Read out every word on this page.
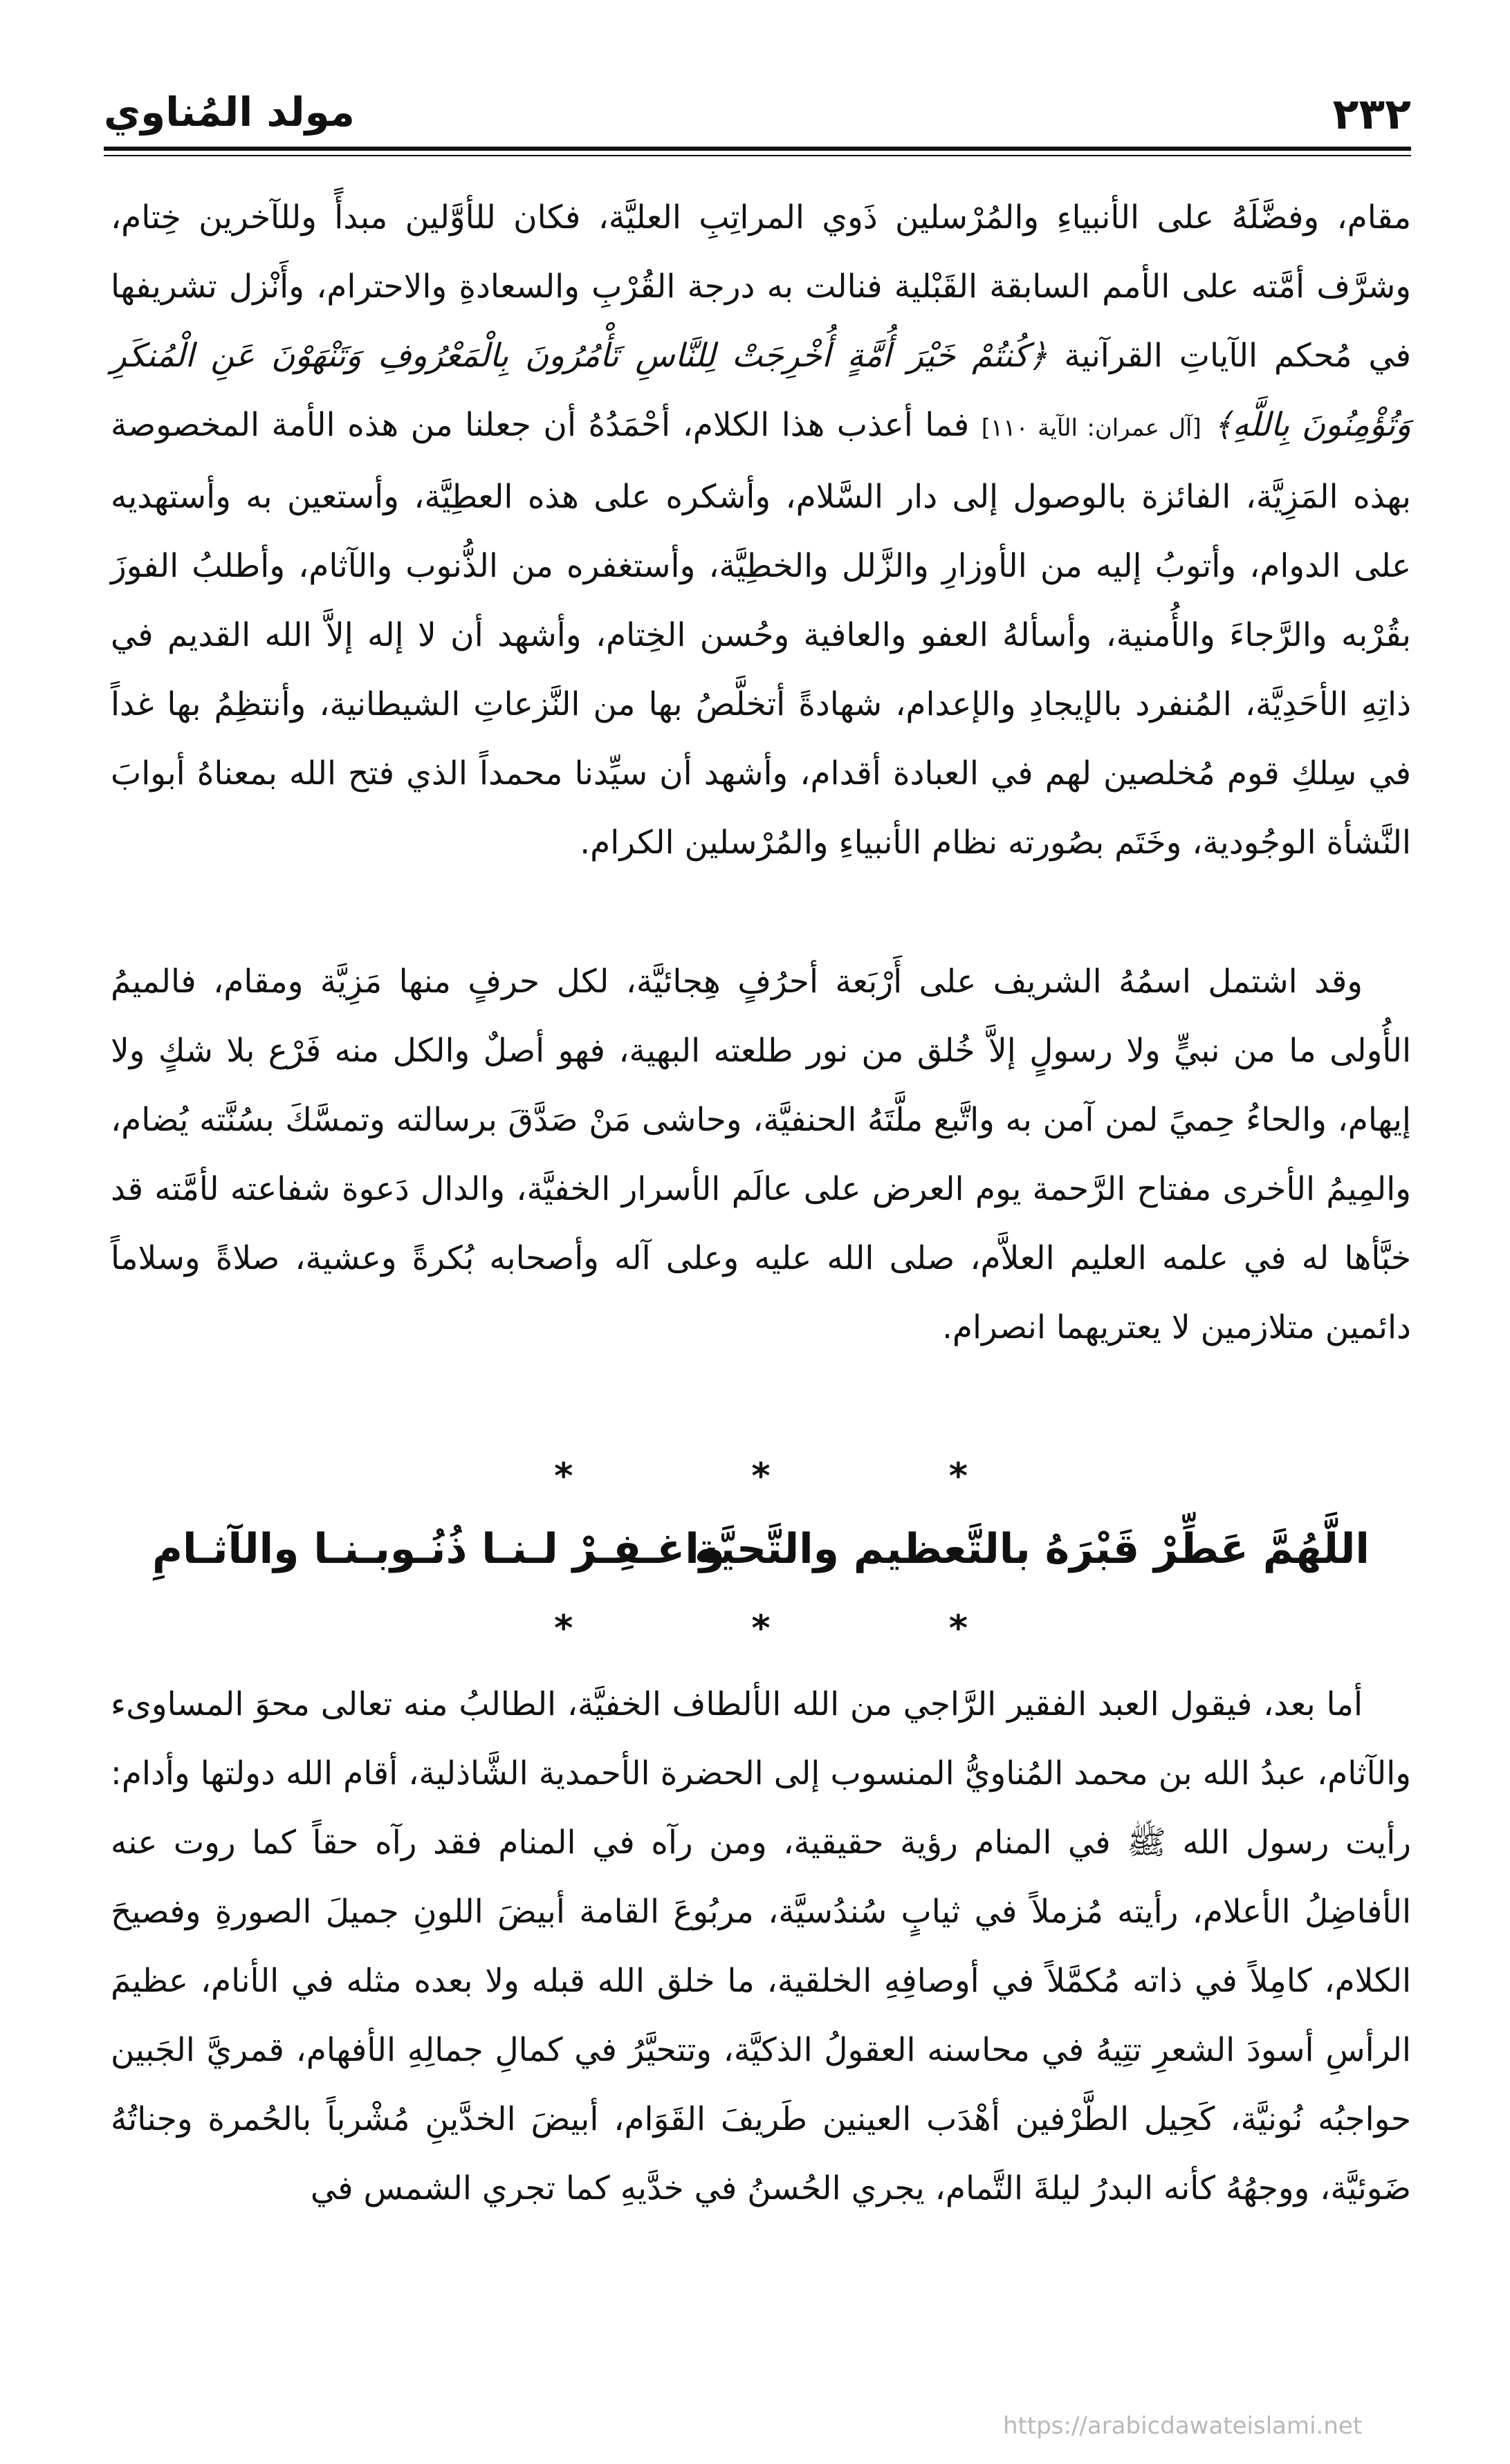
٢٣٢
مولد المُناوي

مقام، وفضَّلَهُ على الأنبياءِ والمُرْسلين ذَوي المراتِبِ العليَّة، فكان للأوَّلين مبدأً وللآخرين خِتام، وشرَّف أمَّته على الأمم السابقة القَبْلية فنالت به درجة القُرْبِ والسعادةِ والاحترام، وأَنْزل تشريفها في مُحكم الآياتِ القرآنية ﴿كُنتُمْ خَيْرَ أُمَّةٍ أُخْرِجَتْ لِلنَّاسِ تَأْمُرُونَ بِالْمَعْرُوفِ وَتَنْهَوْنَ عَنِ الْمُنكَرِ وَتُؤْمِنُونَ بِاللَّهِ﴾ [آل عمران: الآية ١١٠] فما أعذب هذا الكلام، أحْمَدُهُ أن جعلنا من هذه الأمة المخصوصة بهذه المَزِيَّة، الفائزة بالوصول إلى دار السَّلام، وأشكره على هذه العطِيَّة، وأستعين به وأستهديه على الدوام، وأتوبُ إليه من الأوزارِ والزَّلل والخطِيَّة، وأستغفره من الذُّنوب والآثام، وأطلبُ الفوزَ بقُرْبه والرَّجاءَ والأُمنية، وأسألهُ العفو والعافية وحُسن الخِتام، وأشهد أن لا إله إلاَّ الله القديم في ذاتِهِ الأحَدِيَّة، المُنفرد بالإيجادِ والإعدام، شهادةً أتخلَّصُ بها من النَّزعاتِ الشيطانية، وأنتظِمُ بها غداً في سِلكِ قوم مُخلصين لهم في العبادة أقدام، وأشهد أن سيِّدنا محمداً الذي فتح الله بمعناهُ أبوابَ النَّشأة الوجُودية، وخَتَم بصُورته نظام الأنبياءِ والمُرْسلين الكرام.

وقد اشتمل اسمُهُ الشريف على أَرْبَعة أحرُفٍ هِجائيَّة، لكل حرفٍ منها مَزِيَّة ومقام، فالميمُ الأُولى ما من نبيٍّ ولا رسولٍ إلاَّ خُلق من نور طلعته البهية، فهو أصلٌ والكل منه فَرْع بلا شكٍ ولا إيهام، والحاءُ حِميً لمن آمن به واتَّبع ملَّتَهُ الحنفيَّة، وحاشى مَنْ صَدَّقَ برسالته وتمسَّكَ بسُنَّته يُضام، والمِيمُ الأخرى مفتاح الرَّحمة يوم العرض على عالَم الأسرار الخفيَّة، والدال دَعوة شفاعته لأمَّته قد خبَّأها له في علمه العليم العلاَّم، صلى الله عليه وعلى آله وأصحابه بُكرةً وعشية، صلاةً وسلاماً دائمين متلازمين لا يعتريهما انصرام.

* * *
اللَّهُمَّ عَطِّرْ قَبْرَهُ بالتَّعظيم والتَّحيَّة
واغـفِـرْ لـنـا ذُنُـوبـنـا والآثـامِ
* * *

أما بعد، فيقول العبد الفقير الرَّاجي من الله الألطاف الخفيَّة، الطالبُ منه تعالى محوَ المساوىء والآثام، عبدُ الله بن محمد المُناويُّ المنسوب إلى الحضرة الأحمدية الشَّاذلية، أقام الله دولتها وأدام: رأيت رسول الله ﷺ في المنام رؤية حقيقية، ومن رآه في المنام فقد رآه حقاً كما روت عنه الأفاضِلُ الأعلام، رأيته مُزملاً في ثيابٍ سُندُسيَّة، مربُوعَ القامة أبيضَ اللونِ جميلَ الصورةِ وفصيحَ الكلام، كامِلاً في ذاته مُكمَّلاً في أوصافِهِ الخلقية، ما خلق الله قبله ولا بعده مثله في الأنام، عظيمَ الرأسِ أسودَ الشعرِ تتِيهُ في محاسنه العقولُ الذكيَّة، وتتحيَّرُ في كمالِ جمالِهِ الأفهام، قمريَّ الجَبين حواجبُه نُونيَّة، كَحِيل الطَّرْفين أهْدَب العينين طَريفَ القَوَام، أبيضَ الخدَّينِ مُشْرباً بالحُمرة وجناتُهُ ضَوئيَّة، ووجهُهُ كأنه البدرُ ليلةَ التَّمام، يجري الحُسنُ في خدَّيهِ كما تجري الشمس في

https://arabicdawateislami.net
